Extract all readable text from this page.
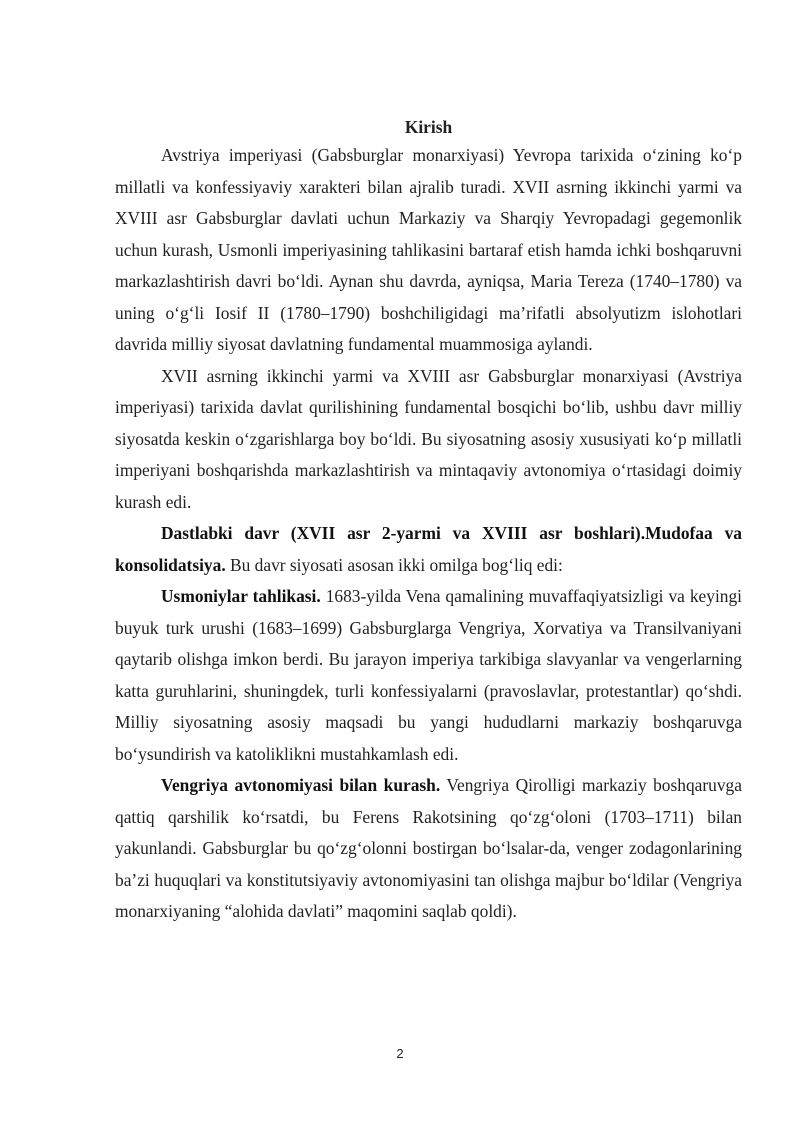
Kirish

Avstriya imperiyasi (Gabsburglar monarxiyasi) Yevropa tarixida o‘zining ko‘p millatli va konfessiyaviy xarakteri bilan ajralib turadi. XVII asrning ikkinchi yarmi va XVIII asr Gabsburglar davlati uchun Markaziy va Sharqiy Yevropadagi gegemonlik uchun kurash, Usmonli imperiyasining tahlikasini bartaraf etish hamda ichki boshqaruvni markazlashtirish davri bo‘ldi. Aynan shu davrda, ayniqsa, Maria Tereza (1740–1780) va uning o‘g‘li Iosif II (1780–1790) boshchiligidagi ma’rifatli absolyutizm islohotlari davrida milliy siyosat davlatning fundamental muammosiga aylandi.

XVII asrning ikkinchi yarmi va XVIII asr Gabsburglar monarxiyasi (Avstriya imperiyasi) tarixida davlat qurilishining fundamental bosqichi bo‘lib, ushbu davr milliy siyosatda keskin o‘zgarishlarga boy bo‘ldi. Bu siyosatning asosiy xususiyati ko‘p millatli imperiyani boshqarishda markazlashtirish va mintaqaviy avtonomiya o‘rtasidagi doimiy kurash edi.

Dastlabki davr (XVII asr 2-yarmi va XVIII asr boshlari).Mudofaa va konsolidatsiya. Bu davr siyosati asosan ikki omilga bog‘liq edi:

Usmoniylar tahlikasi. 1683-yilda Vena qamalining muvaffaqiyatsizligi va keyingi buyuk turk urushi (1683–1699) Gabsburglarga Vengriya, Xorvatiya va Transilvaniyani qaytarib olishga imkon berdi. Bu jarayon imperiya tarkibiga slavyanlar va vengerlarning katta guruhlarini, shuningdek, turli konfessiyalarni (pravoslavlar, protestantlar) qo‘shdi. Milliy siyosatning asosiy maqsadi bu yangi hududlarni markaziy boshqaruvga bo‘ysundirish va katoliklikni mustahkamlash edi.

Vengriya avtonomiyasi bilan kurash. Vengriya Qirolligi markaziy boshqaruvga qattiq qarshilik ko‘rsatdi, bu Ferens Rakotsining qo‘zg‘oloni (1703–1711) bilan yakunlandi. Gabsburglar bu qo‘zg‘olonni bostirgan bo‘lsalar-da, venger zodagonlarining ba’zi huquqlari va konstitutsiyaviy avtonomiyasini tan olishga majbur bo‘ldilar (Vengriya monarxiyaning “alohida davlati” maqomini saqlab qoldi).

2
